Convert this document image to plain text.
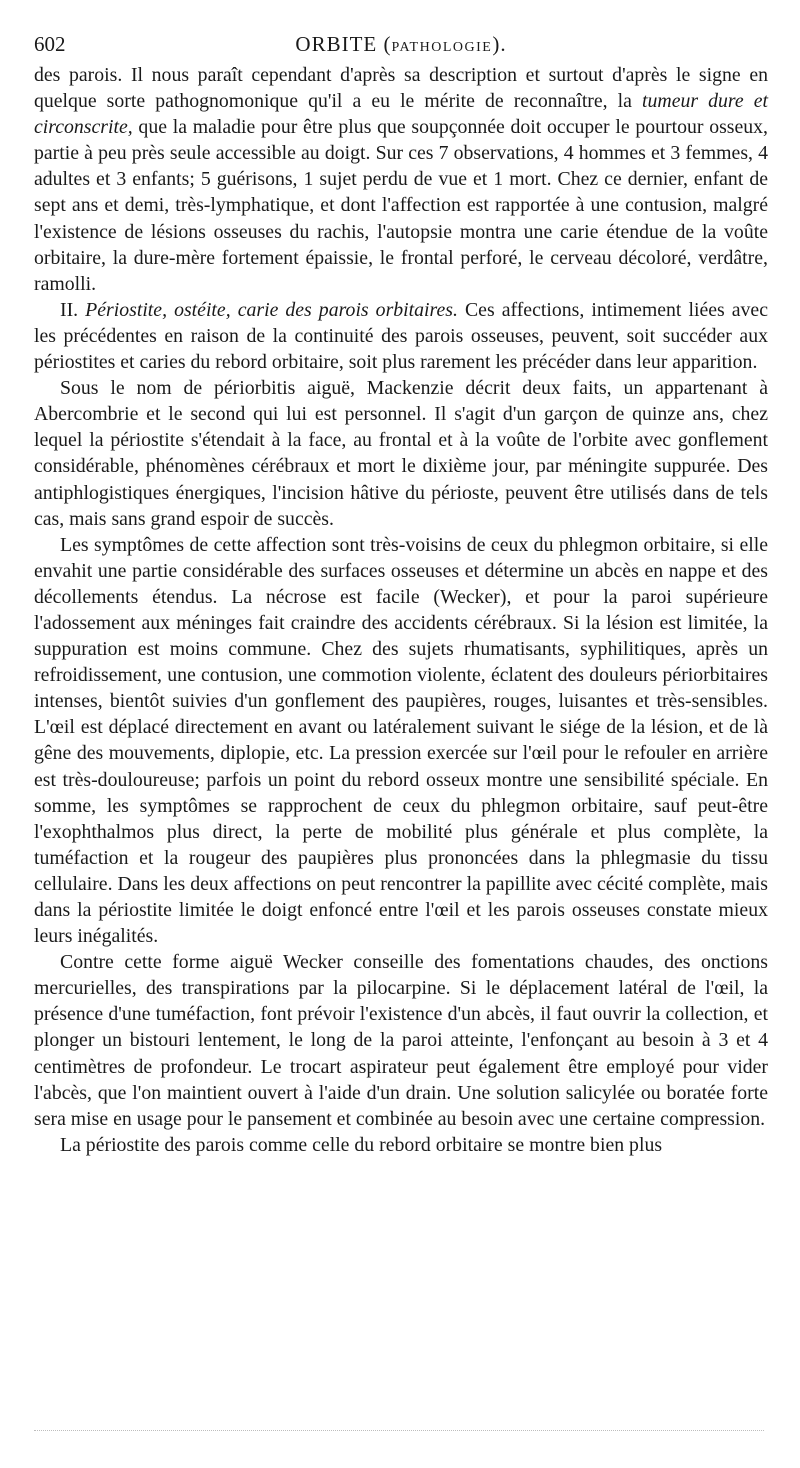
602	ORBITE (PATHOLOGIE).

des parois. Il nous paraît cependant d'après sa description et surtout d'après le signe en quelque sorte pathognomonique qu'il a eu le mérite de reconnaître, la tumeur dure et circonscrite, que la maladie pour être plus que soupçonnée doit occuper le pourtour osseux, partie à peu près seule accessible au doigt. Sur ces 7 observations, 4 hommes et 3 femmes, 4 adultes et 3 enfants; 5 guérisons, 1 sujet perdu de vue et 1 mort. Chez ce dernier, enfant de sept ans et demi, très-lymphatique, et dont l'affection est rapportée à une contusion, malgré l'existence de lésions osseuses du rachis, l'autopsie montra une carie étendue de la voûte orbitaire, la dure-mère fortement épaissie, le frontal perforé, le cerveau décoloré, verdâtre, ramolli.

II. Périostite, ostéite, carie des parois orbitaires. Ces affections, intimement liées avec les précédentes en raison de la continuité des parois osseuses, peuvent, soit succéder aux périostites et caries du rebord orbitaire, soit plus rarement les précéder dans leur apparition.

Sous le nom de périorbitis aiguë, Mackenzie décrit deux faits, un appartenant à Abercombrie et le second qui lui est personnel. Il s'agit d'un garçon de quinze ans, chez lequel la périostite s'étendait à la face, au frontal et à la voûte de l'orbite avec gonflement considérable, phénomènes cérébraux et mort le dixième jour, par méningite suppurée. Des antiphlogistiques énergiques, l'incision hâtive du périoste, peuvent être utilisés dans de tels cas, mais sans grand espoir de succès.

Les symptômes de cette affection sont très-voisins de ceux du phlegmon orbitaire, si elle envahit une partie considérable des surfaces osseuses et détermine un abcès en nappe et des décollements étendus. La nécrose est facile (Wecker), et pour la paroi supérieure l'adossement aux méninges fait craindre des accidents cérébraux. Si la lésion est limitée, la suppuration est moins commune. Chez des sujets rhumatisants, syphilitiques, après un refroidissement, une contusion, une commotion violente, éclatent des douleurs périorbitaires intenses, bientôt suivies d'un gonflement des paupières, rouges, luisantes et très-sensibles. L'œil est déplacé directement en avant ou latéralement suivant le siége de la lésion, et de là gêne des mouvements, diplopie, etc. La pression exercée sur l'œil pour le refouler en arrière est très-douloureuse; parfois un point du rebord osseux montre une sensibilité spéciale. En somme, les symptômes se rapprochent de ceux du phlegmon orbitaire, sauf peut-être l'exophthalmos plus direct, la perte de mobilité plus générale et plus complète, la tuméfaction et la rougeur des paupières plus prononcées dans la phlegmasie du tissu cellulaire. Dans les deux affections on peut rencontrer la papillite avec cécité complète, mais dans la périostite limitée le doigt enfoncé entre l'œil et les parois osseuses constate mieux leurs inégalités.

Contre cette forme aiguë Wecker conseille des fomentations chaudes, des onctions mercurielles, des transpirations par la pilocarpine. Si le déplacement latéral de l'œil, la présence d'une tuméfaction, font prévoir l'existence d'un abcès, il faut ouvrir la collection, et plonger un bistouri lentement, le long de la paroi atteinte, l'enfonçant au besoin à 3 et 4 centimètres de profondeur. Le trocart aspirateur peut également être employé pour vider l'abcès, que l'on maintient ouvert à l'aide d'un drain. Une solution salicylée ou boratée forte sera mise en usage pour le pansement et combinée au besoin avec une certaine compression.

La périostite des parois comme celle du rebord orbitaire se montre bien plus
